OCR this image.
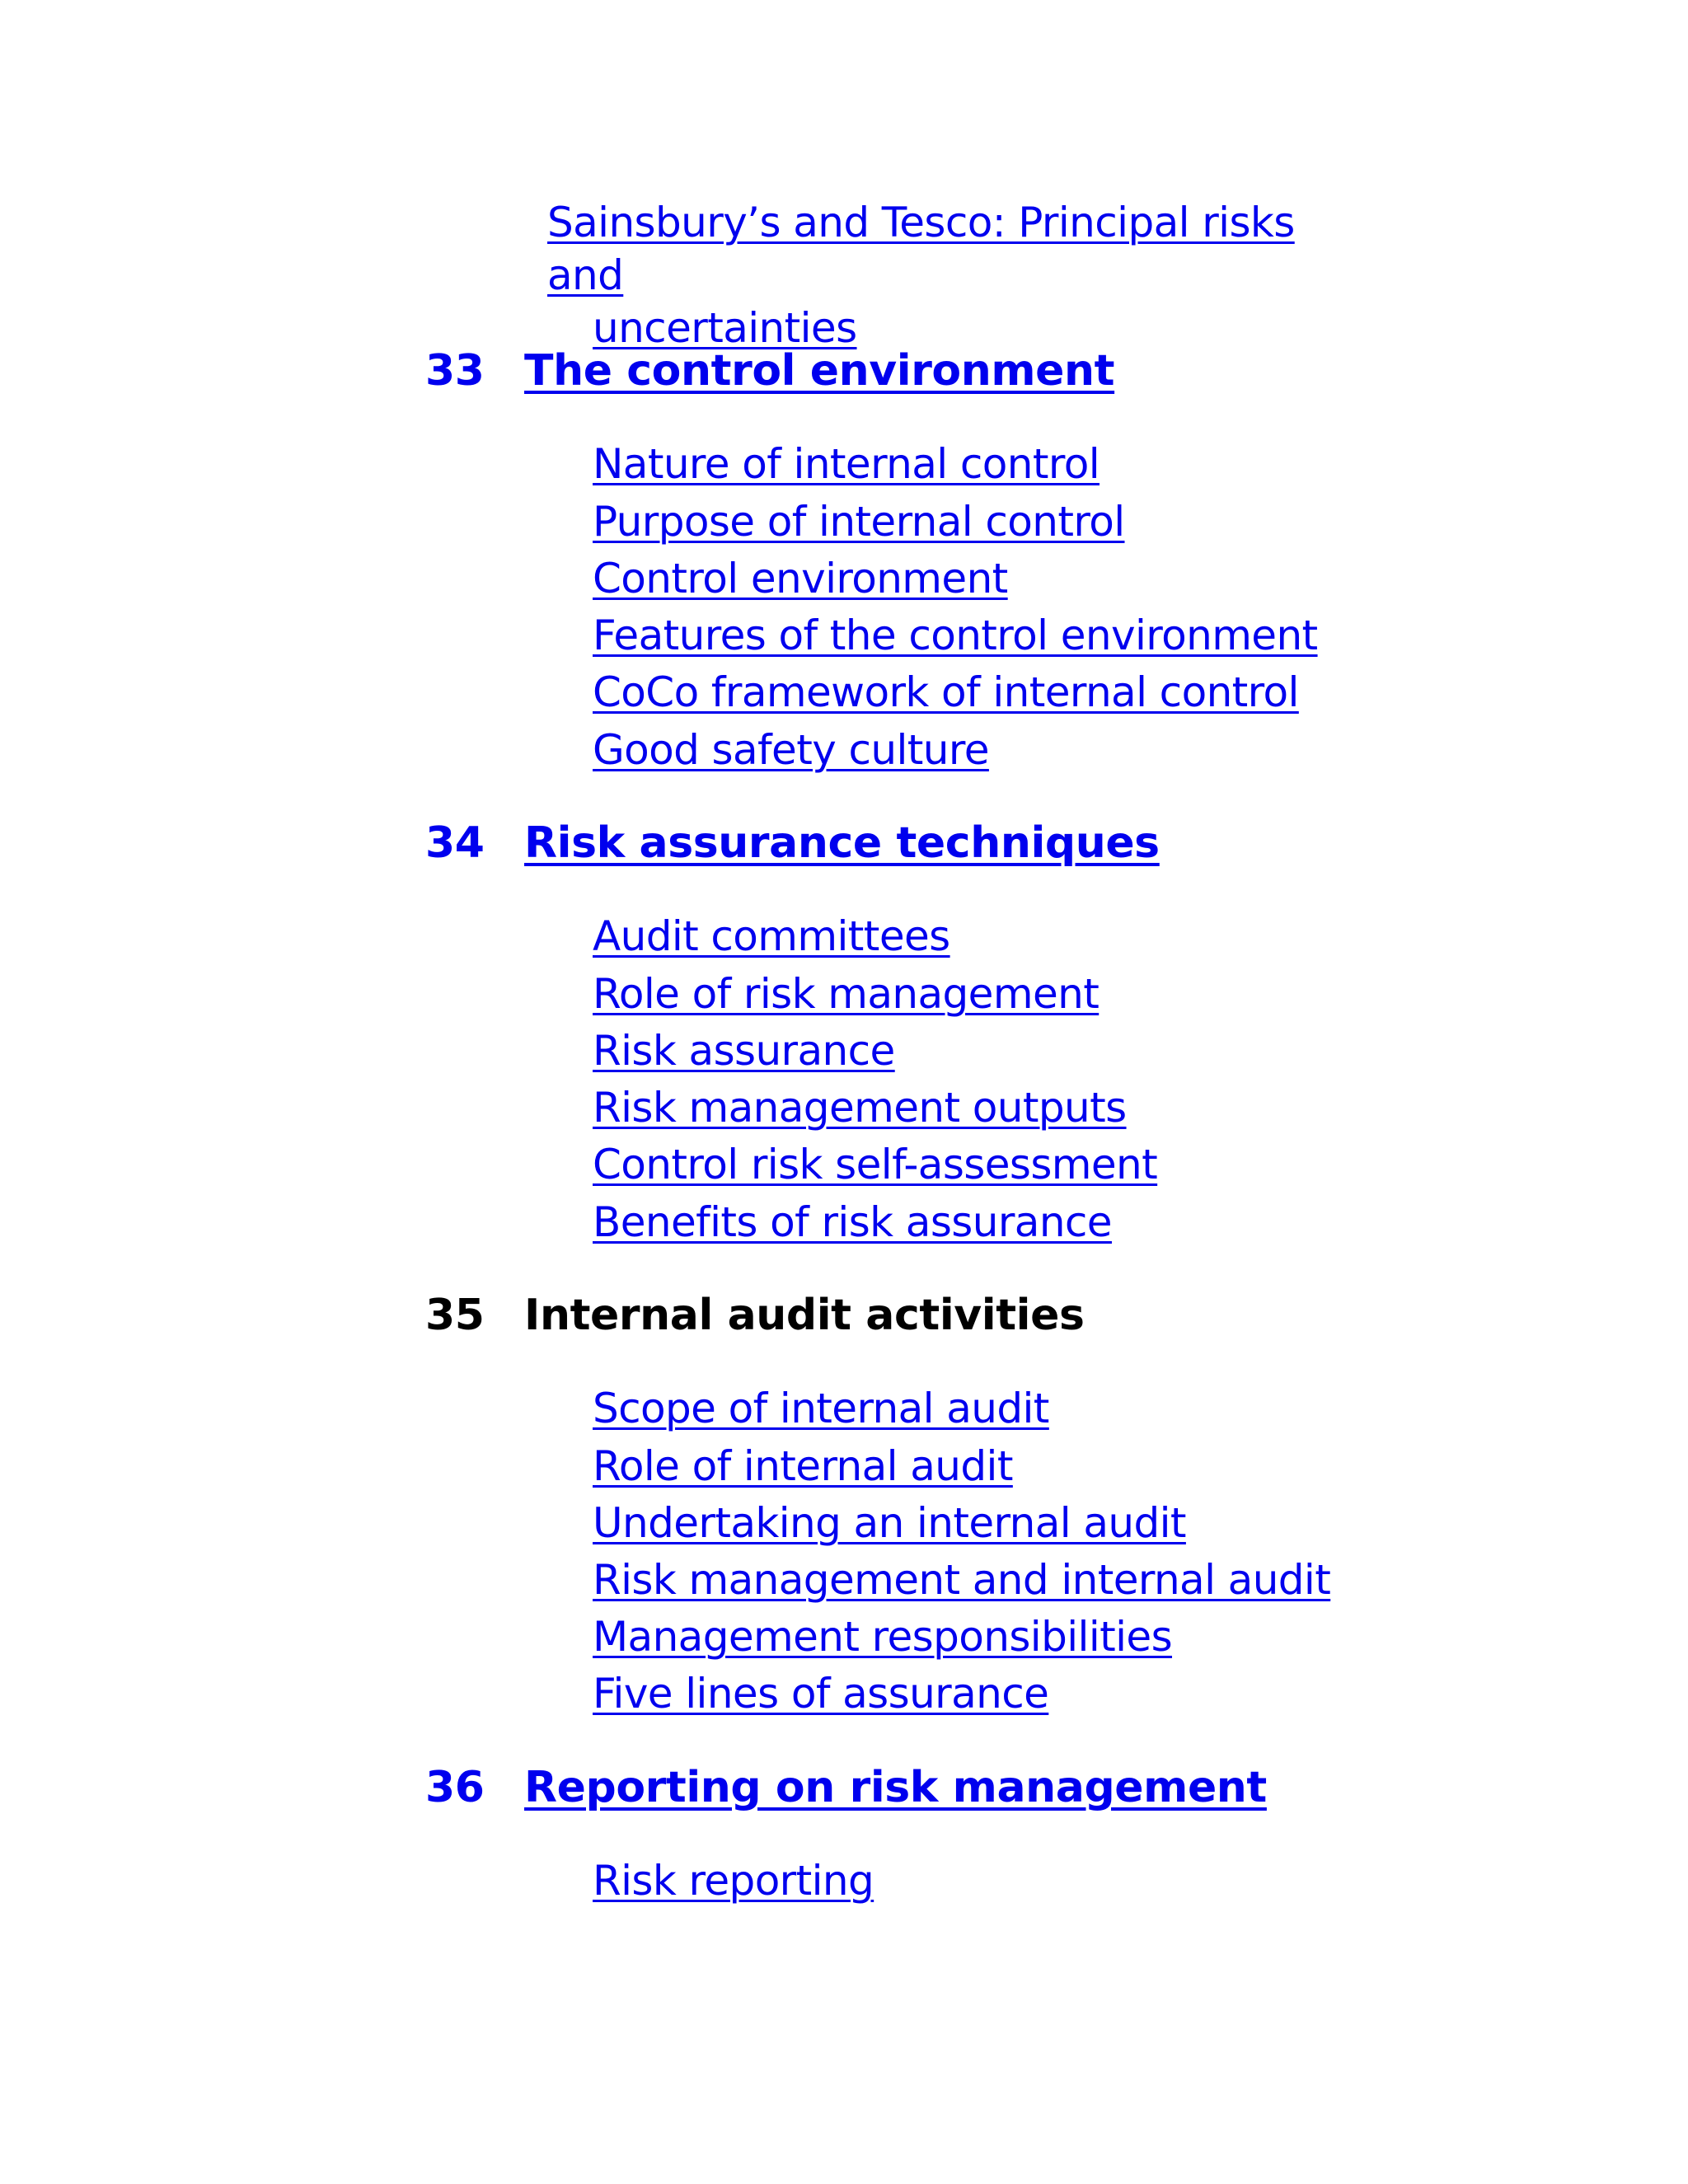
Sainsbury’s and Tesco: Principal risks and
uncertainties
33 The control environment
Nature of internal control
Purpose of internal control
Control environment
Features of the control environment
CoCo framework of internal control
Good safety culture
34 Risk assurance techniques
Audit committees
Role of risk management
Risk assurance
Risk management outputs
Control risk self-assessment
Benefits of risk assurance
35 Internal audit activities
Scope of internal audit
Role of internal audit
Undertaking an internal audit
Risk management and internal audit
Management responsibilities
Five lines of assurance
36 Reporting on risk management
Risk reporting
